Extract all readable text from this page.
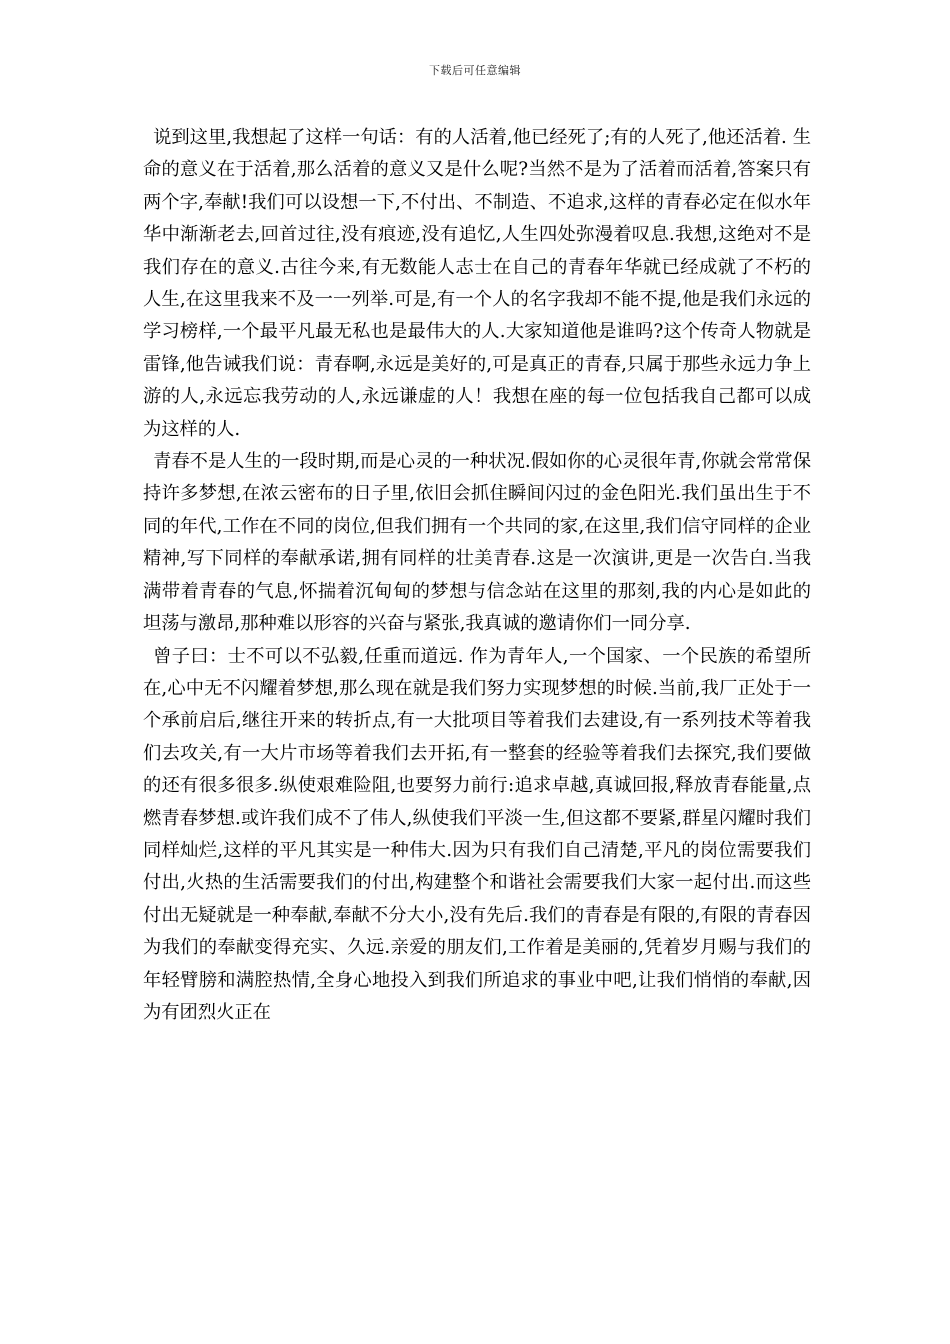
下载后可任意编辑

说到这里,我想起了这样一句话：有的人活着,他已经死了;有的人死了,他还活着. 生命的意义在于活着,那么活着的意义又是什么呢?当然不是为了活着而活着,答案只有两个字,奉献!我们可以设想一下,不付出、不制造、不追求,这样的青春必定在似水年华中渐渐老去,回首过往,没有痕迹,没有追忆,人生四处弥漫着叹息.我想,这绝对不是我们存在的意义.古往今来,有无数能人志士在自己的青春年华就已经成就了不朽的人生,在这里我来不及一一列举.可是,有一个人的名字我却不能不提,他是我们永远的学习榜样,一个最平凡最无私也是最伟大的人.大家知道他是谁吗?这个传奇人物就是雷锋,他告诫我们说：青春啊,永远是美好的,可是真正的青春,只属于那些永远力争上游的人,永远忘我劳动的人,永远谦虚的人！我想在座的每一位包括我自己都可以成为这样的人.

青春不是人生的一段时期,而是心灵的一种状况.假如你的心灵很年青,你就会常常保持许多梦想,在浓云密布的日子里,依旧会抓住瞬间闪过的金色阳光.我们虽出生于不同的年代,工作在不同的岗位,但我们拥有一个共同的家,在这里,我们信守同样的企业精神,写下同样的奉献承诺,拥有同样的壮美青春.这是一次演讲,更是一次告白.当我满带着青春的气息,怀揣着沉甸甸的梦想与信念站在这里的那刻,我的内心是如此的坦荡与激昂,那种难以形容的兴奋与紧张,我真诚的邀请你们一同分享.

曾子曰：士不可以不弘毅,任重而道远. 作为青年人,一个国家、一个民族的希望所在,心中无不闪耀着梦想,那么现在就是我们努力实现梦想的时候.当前,我厂正处于一个承前启后,继往开来的转折点,有一大批项目等着我们去建设,有一系列技术等着我们去攻关,有一大片市场等着我们去开拓,有一整套的经验等着我们去探究,我们要做的还有很多很多.纵使艰难险阻,也要努力前行:追求卓越,真诚回报,释放青春能量,点燃青春梦想.或许我们成不了伟人,纵使我们平淡一生,但这都不要紧,群星闪耀时我们同样灿烂,这样的平凡其实是一种伟大.因为只有我们自己清楚,平凡的岗位需要我们付出,火热的生活需要我们的付出,构建整个和谐社会需要我们大家一起付出.而这些付出无疑就是一种奉献,奉献不分大小,没有先后.我们的青春是有限的,有限的青春因为我们的奉献变得充实、久远.亲爱的朋友们,工作着是美丽的,凭着岁月赐与我们的年轻臂膀和满腔热情,全身心地投入到我们所追求的事业中吧,让我们悄悄的奉献,因为有团烈火正在
